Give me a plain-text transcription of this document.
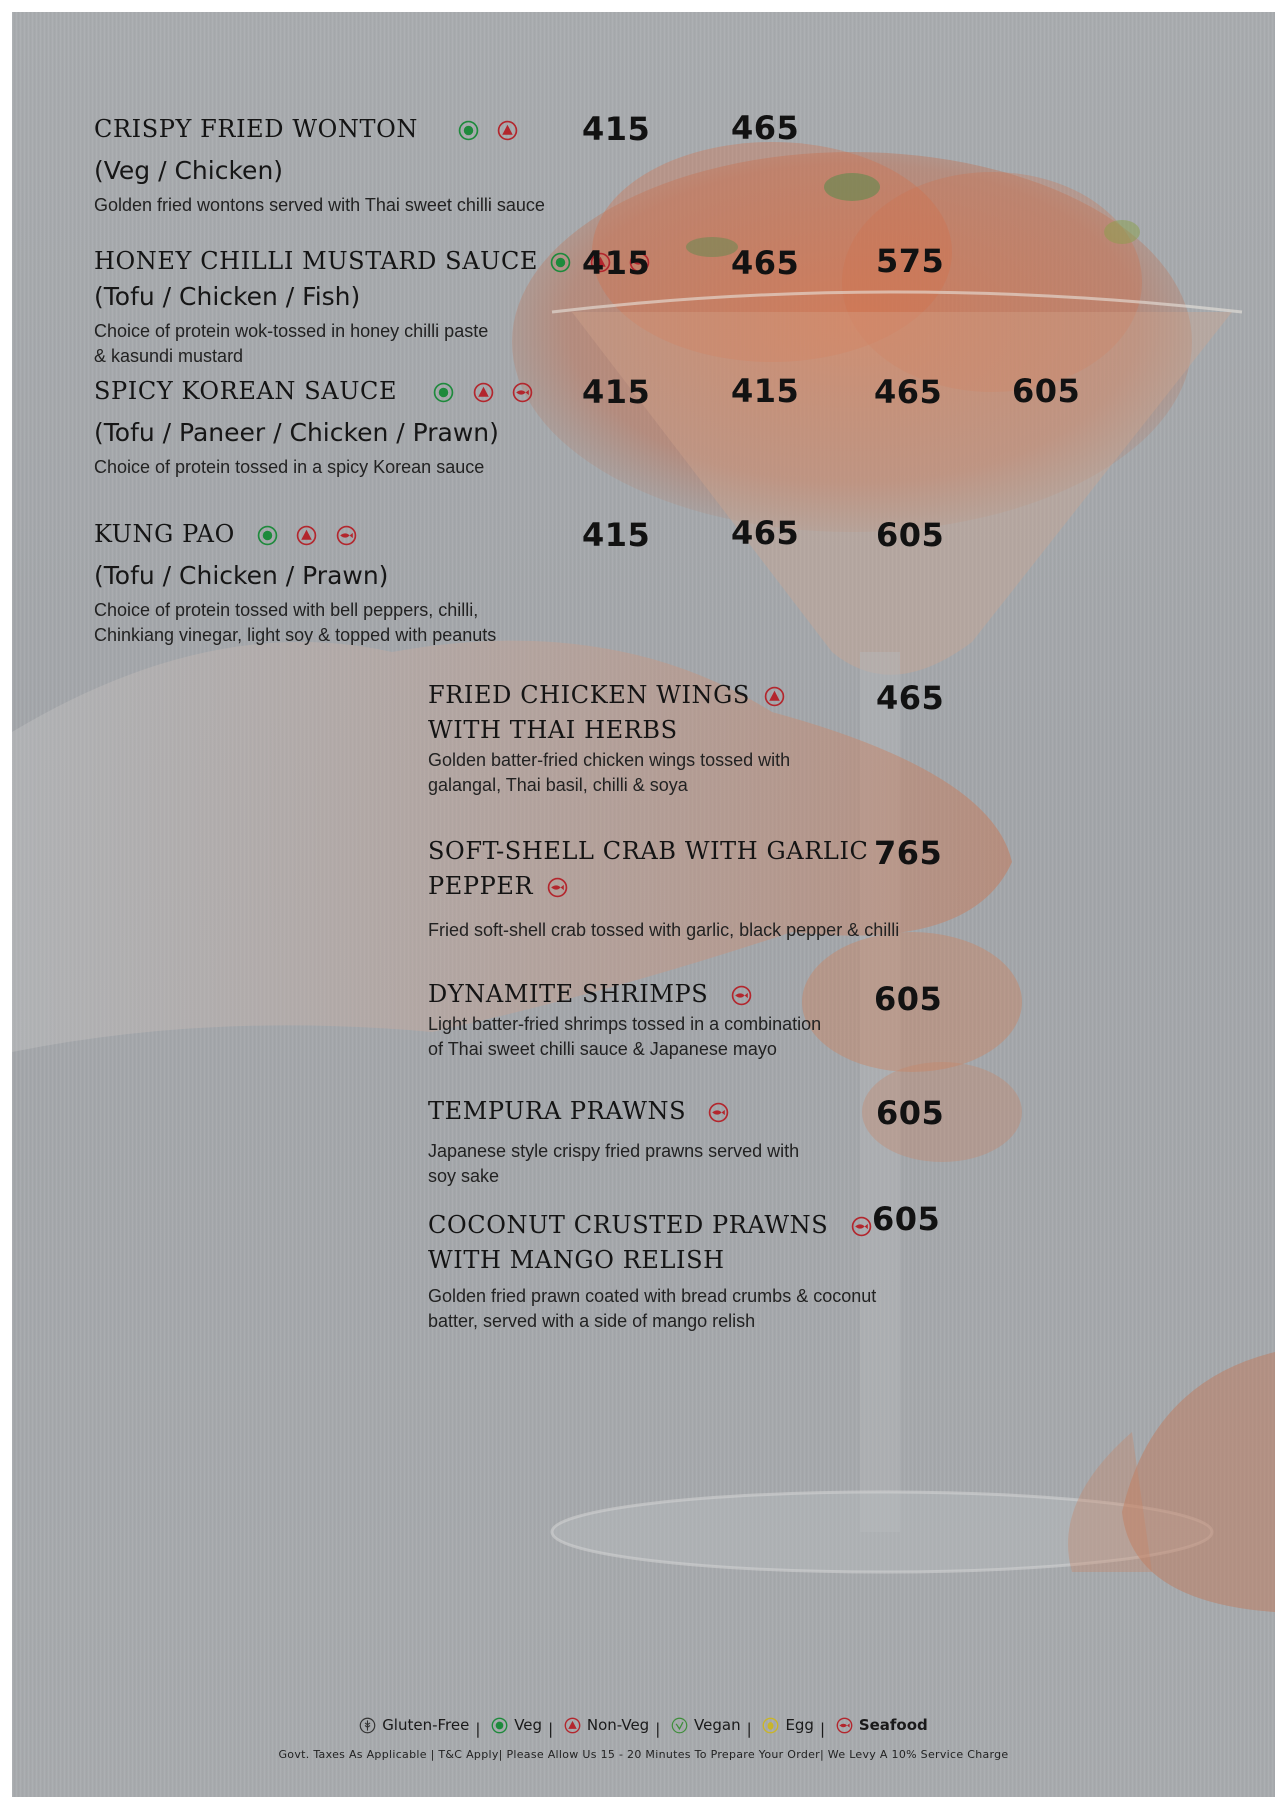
CRISPY FRIED WONTON

(Veg / Chicken)
Golden fried wontons served with Thai sweet chilli sauce
415	465
HONEY CHILLI MUSTARD SAUCE

(Tofu / Chicken / Fish)
Choice of protein wok-tossed in honey chilli paste
& kasundi mustard
415	465 575
SPICY KOREAN SAUCE

(Tofu / Paneer / Chicken / Prawn)
Choice of protein tossed in a spicy Korean sauce
415	415 465 605
KUNG PAO

(Tofu / Chicken / Prawn)
Choice of protein tossed with bell peppers, chilli,
Chinkiang vinegar, light soy & topped with peanuts
415	465 605
FRIED CHICKEN WINGS
WITH THAI HERBS
Golden batter-fried chicken wings tossed with
galangal, Thai basil, chilli & soya
465
SOFT-SHELL CRAB WITH GARLIC
PEPPER
Fried soft-shell crab tossed with garlic, black pepper & chilli
765
DYNAMITE SHRIMPS
Light batter-fried shrimps tossed in a combination
of Thai sweet chilli sauce & Japanese mayo
605
TEMPURA PRAWNS
Japanese style crispy fried prawns served with
soy sake
605
COCONUT CRUSTED PRAWNS
WITH MANGO RELISH
Golden fried prawn coated with bread crumbs & coconut
batter, served with a side of mango relish
605
Gluten-Free | Veg | Non-Veg | Vegan | Egg | Seafood
Govt. Taxes As Applicable | T&C Apply| Please Allow Us 15 - 20 Minutes To Prepare Your Order| We Levy A 10% Service Charge
